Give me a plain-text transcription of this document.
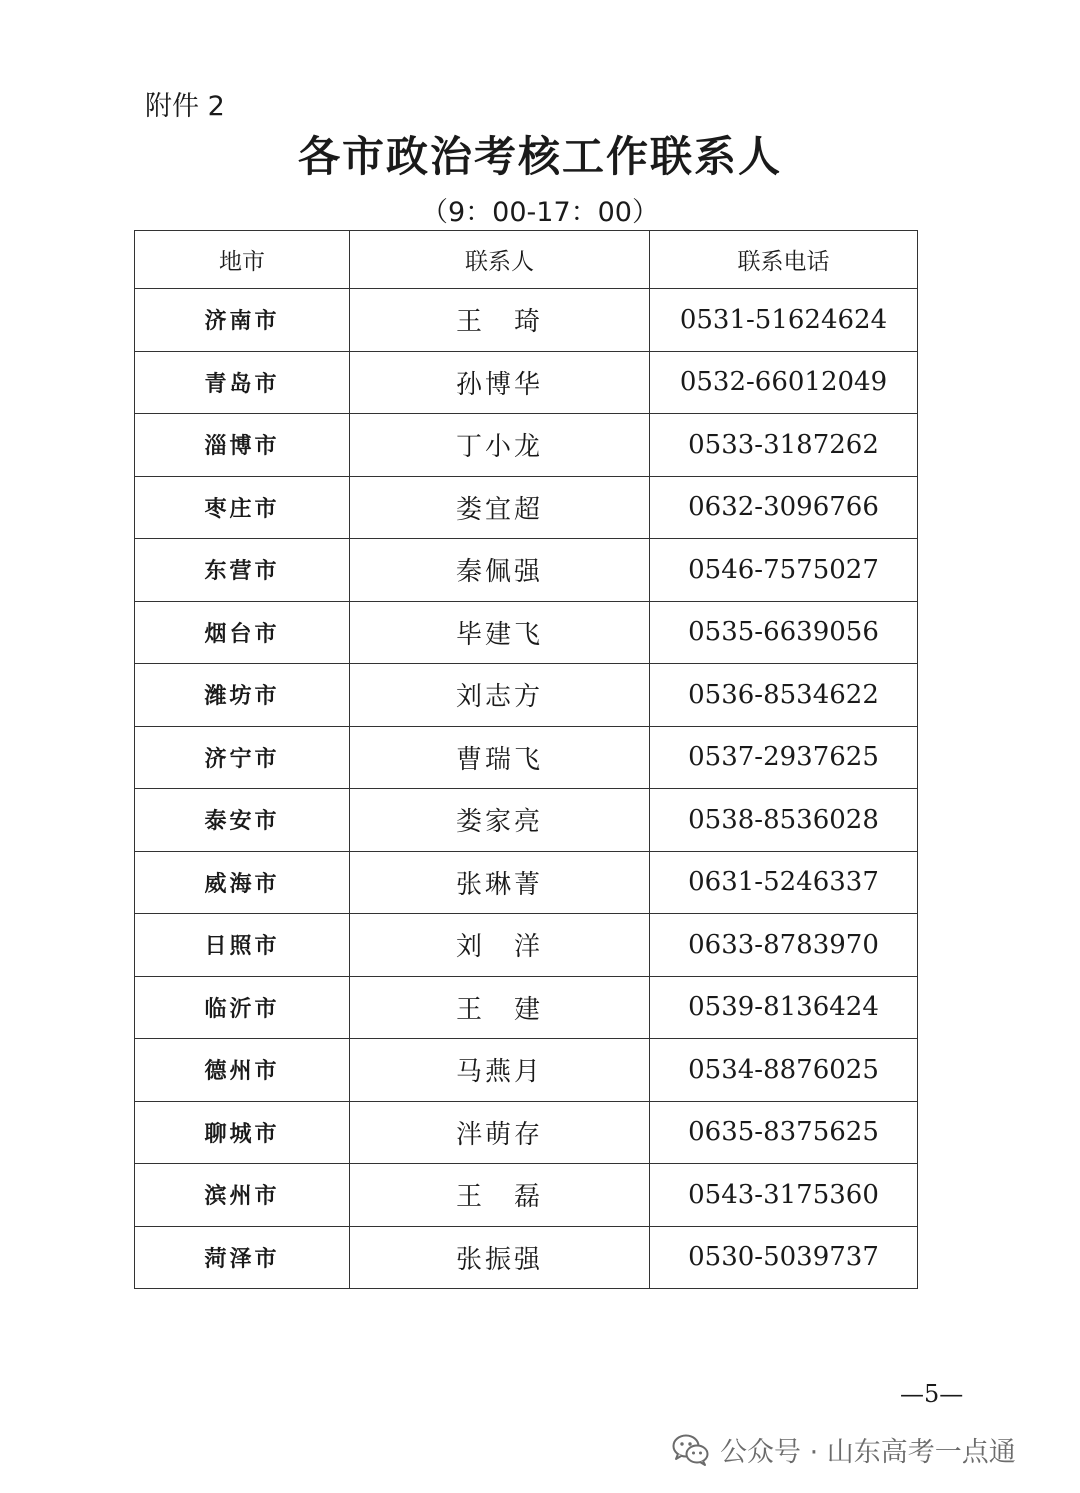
附件 2
各市政治考核工作联系人
（9：00-17：00）
地市	联系人	联系电话
济南市	王　琦	0531-51624624
青岛市	孙博华	0532-66012049
淄博市	丁小龙	0533-3187262
枣庄市	娄宜超	0632-3096766
东营市	秦佩强	0546-7575027
烟台市	毕建飞	0535-6639056
潍坊市	刘志方	0536-8534622
济宁市	曹瑞飞	0537-2937625
泰安市	娄家亮	0538-8536028
威海市	张琳菁	0631-5246337
日照市	刘　洋	0633-8783970
临沂市	王　建	0539-8136424
德州市	马燕月	0534-8876025
聊城市	泮萌存	0635-8375625
滨州市	王　磊	0543-3175360
菏泽市	张振强	0530-5039737
—5—
公众号 · 山东高考一点通
